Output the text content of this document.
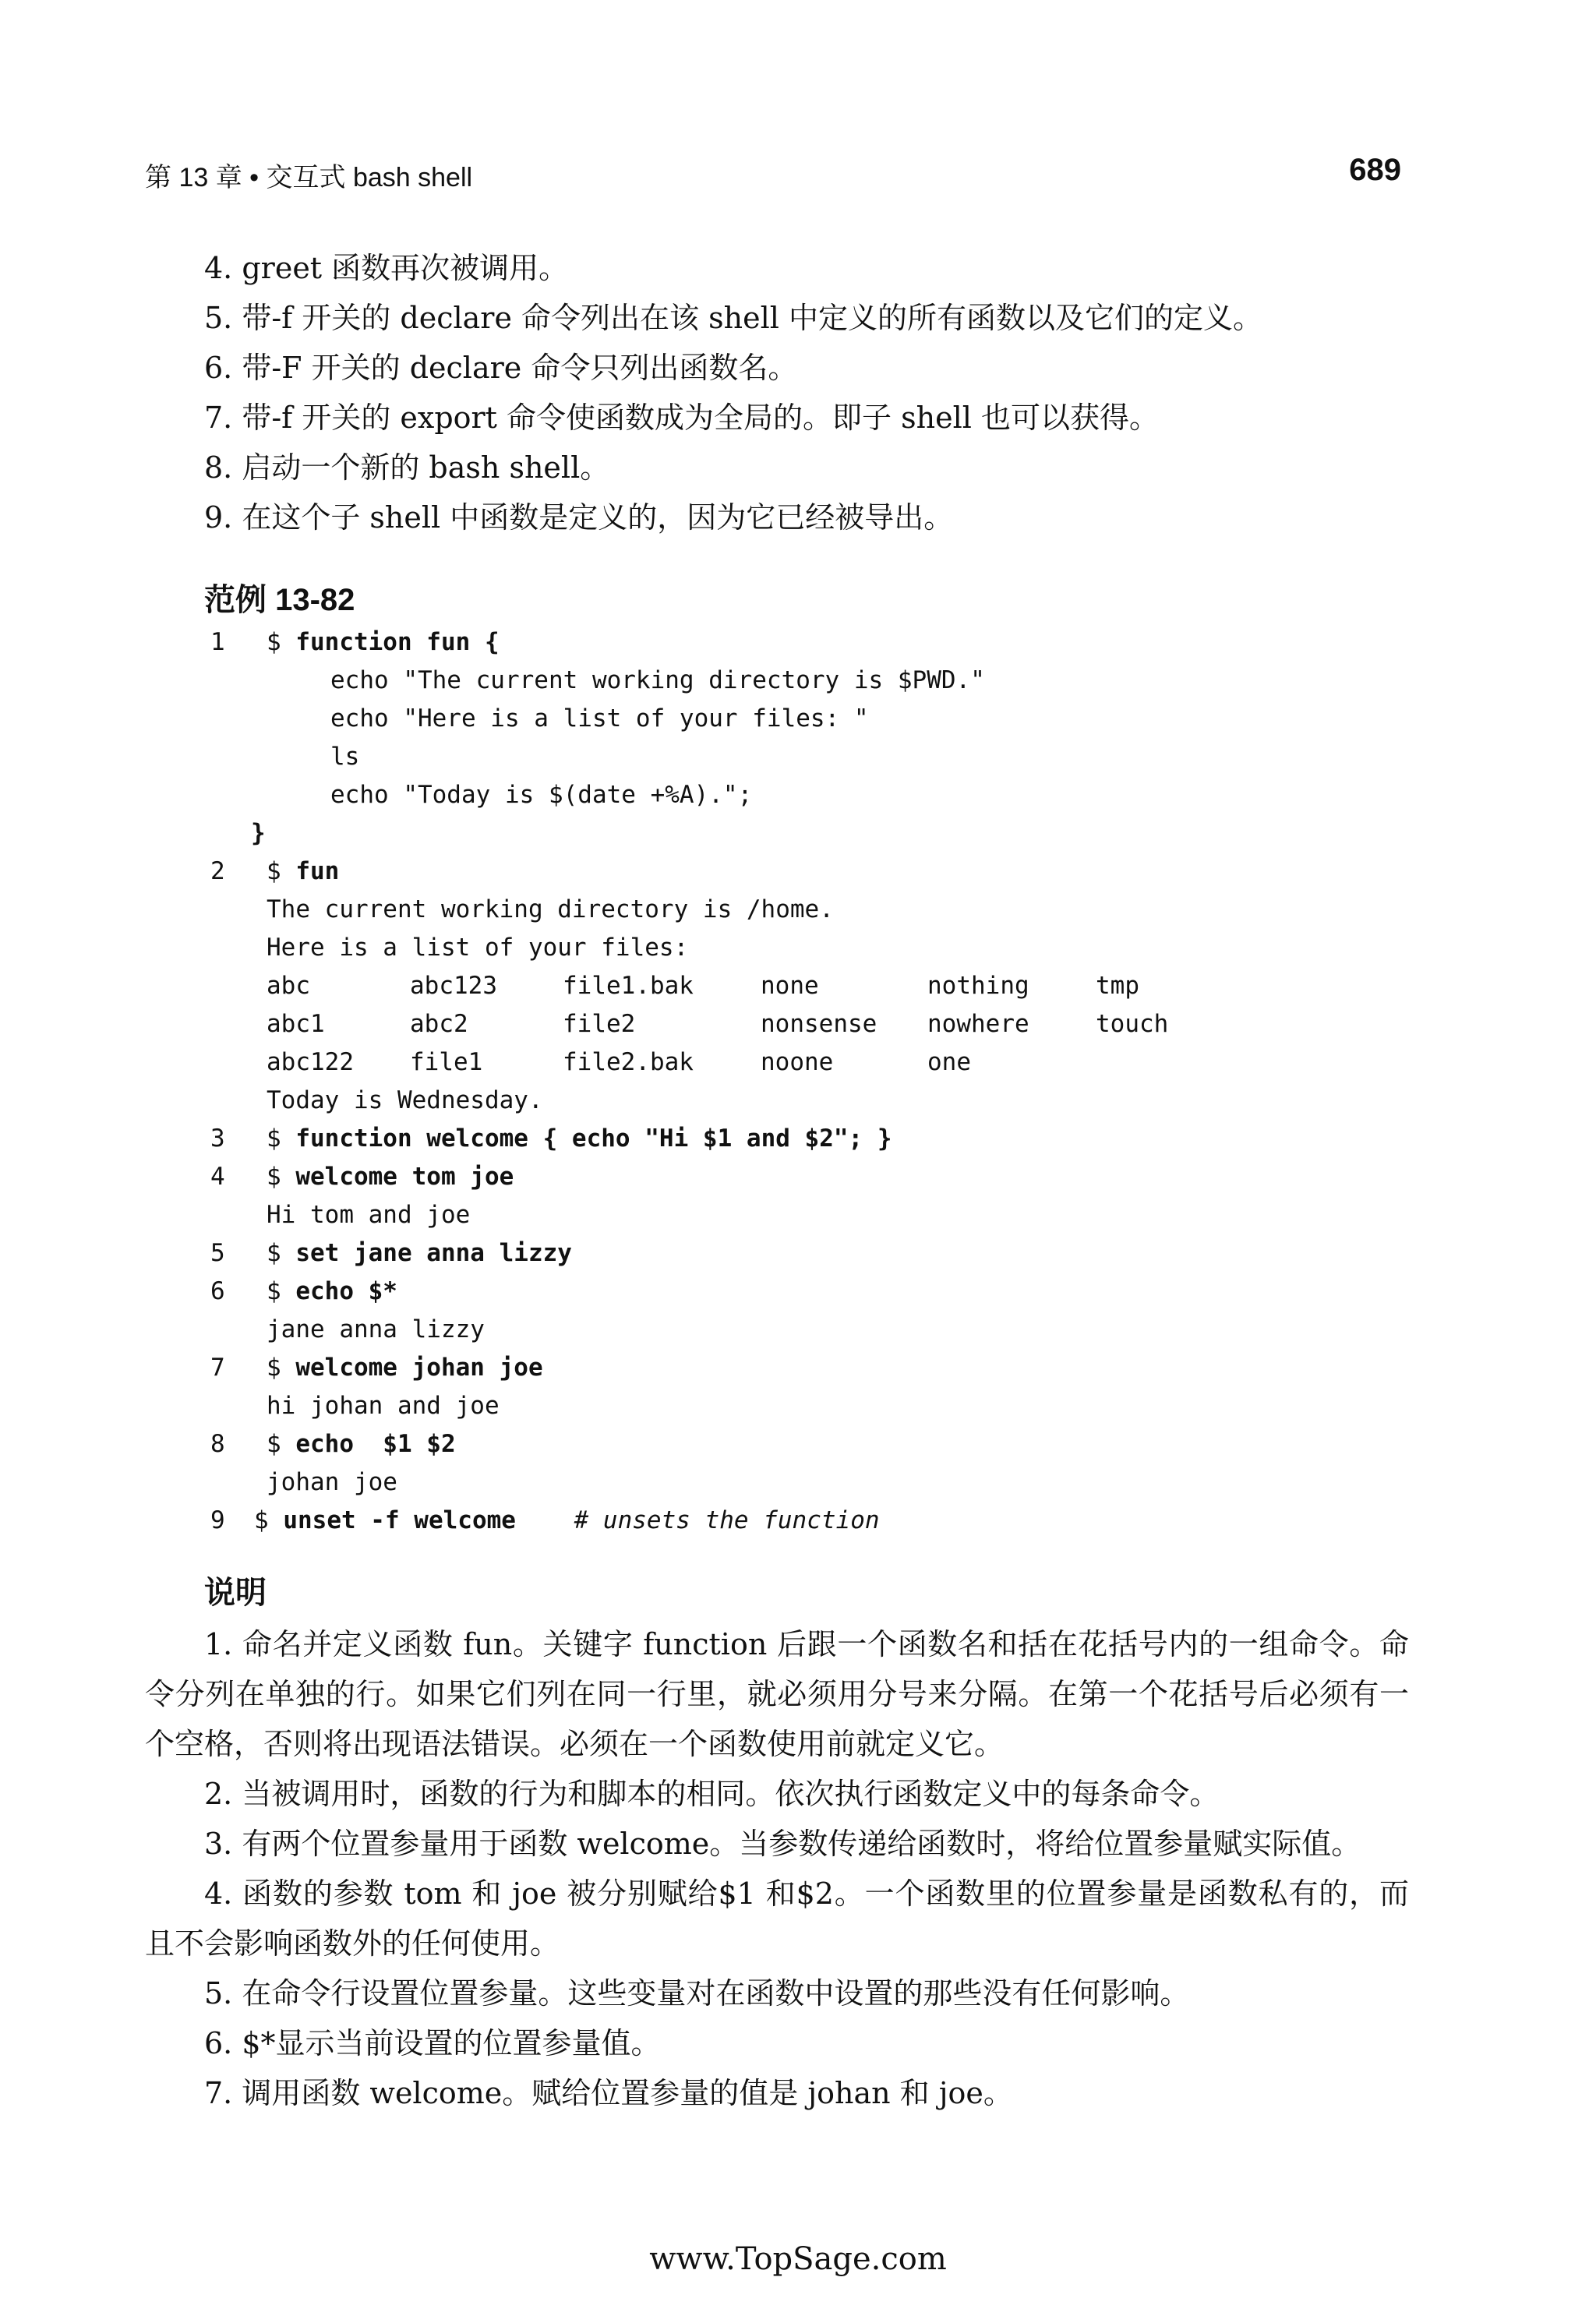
第 13 章 • 交互式 bash shell	689
4. greet 函数再次被调用。
5. 带-f 开关的 declare 命令列出在该 shell 中定义的所有函数以及它们的定义。
6. 带-F 开关的 declare 命令只列出函数名。
7. 带-f 开关的 export 命令使函数成为全局的。即子 shell 也可以获得。
8. 启动一个新的 bash shell。
9. 在这个子 shell 中函数是定义的，因为它已经被导出。
范例 13-82

1

$ function fun {

echo "The current working directory is $PWD."
echo "Here is a list of your files: "
ls
echo "Today is $(date +%A).";
}

2

$ fun

The current working directory is /home.
Here is a list of your files:

abc	abc123	file1.bak	none	nothing	tmp

abc1	abc2	file2	nonsense	nowhere	touch

abc122	file1	file2.bak	noone	one

Today is Wednesday.

3

$ function welcome { echo "Hi $1 and $2"; }

4

$ welcome tom joe

Hi tom and joe

5

$ set jane anna lizzy

6

$ echo $*

jane anna lizzy

7

$ welcome johan joe

hi johan and joe

8

$ echo  $1 $2

johan joe

9

$ unset -f welcome    # unsets the function

说明

1. 命名并定义函数 fun。关键字 function 后跟一个函数名和括在花括号内的一组命令。命令分列在单独的行。如果它们列在同一行里，就必须用分号来分隔。在第一个花括号后必须有一个空格，否则将出现语法错误。必须在一个函数使用前就定义它。

2. 当被调用时，函数的行为和脚本的相同。依次执行函数定义中的每条命令。

3. 有两个位置参量用于函数 welcome。当参数传递给函数时，将给位置参量赋实际值。

4. 函数的参数 tom 和 joe 被分别赋给$1 和$2。一个函数里的位置参量是函数私有的，而且不会影响函数外的任何使用。

5. 在命令行设置位置参量。这些变量对在函数中设置的那些没有任何影响。

6. $*显示当前设置的位置参量值。

7. 调用函数 welcome。赋给位置参量的值是 johan 和 joe。

www.TopSage.com
